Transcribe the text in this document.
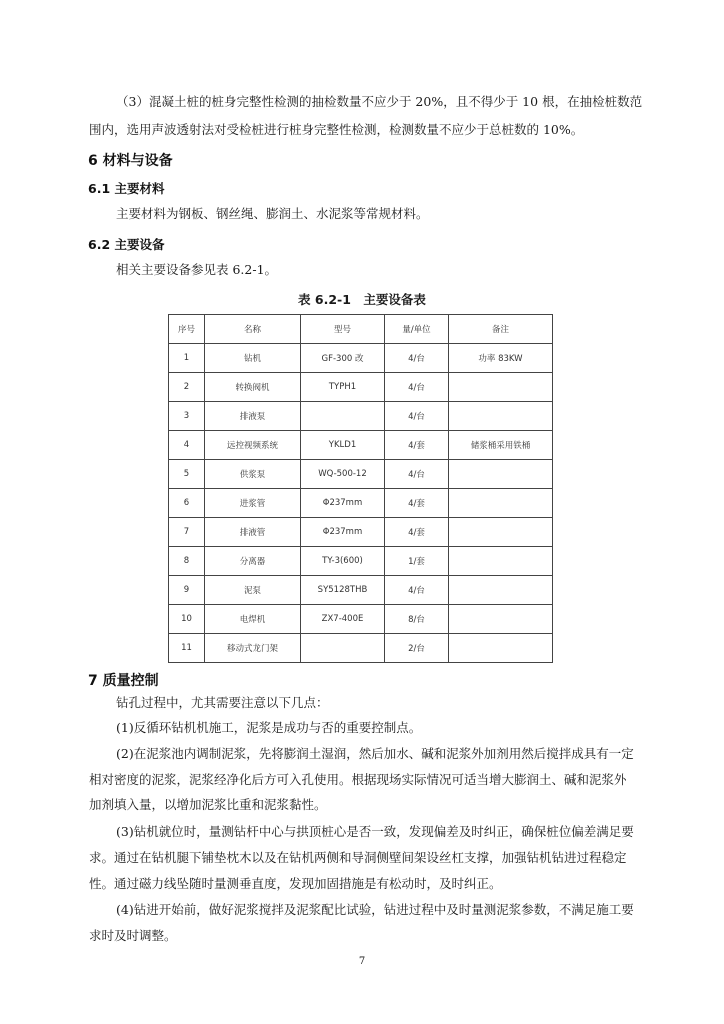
（3）混凝土桩的桩身完整性检测的抽检数量不应少于 20%，且不得少于 10 根，在抽检桩数范
围内，选用声波透射法对受检桩进行桩身完整性检测，检测数量不应少于总桩数的 10%。
6 材料与设备
6.1 主要材料
主要材料为钢板、钢丝绳、膨润土、水泥浆等常规材料。
6.2 主要设备
相关主要设备参见表 6.2-1。
表 6.2-1　主要设备表
序号	名称	型号	量/单位	备注
1	钻机	GF-300 改	4/台	功率 83KW
2	转换阀机	TYPH1	4/台	
3	排液泵		4/台	
4	远控视频系统	YKLD1	4/套	储浆桶采用铁桶
5	供浆泵	WQ-500-12	4/台	
6	进浆管	Φ237mm	4/套	
7	排液管	Φ237mm	4/套	
8	分离器	TY-3(600)	1/套	
9	泥泵	SY5128THB	4/台	
10	电焊机	ZX7-400E	8/台	
11	移动式龙门架		2/台	
7 质量控制
钻孔过程中，尤其需要注意以下几点：
(1)反循环钻机机施工，泥浆是成功与否的重要控制点。
(2)在泥浆池内调制泥浆，先将膨润土湿润，然后加水、碱和泥浆外加剂用然后搅拌成具有一定
相对密度的泥浆，泥浆经净化后方可入孔使用。根据现场实际情况可适当增大膨润土、碱和泥浆外
加剂填入量，以增加泥浆比重和泥浆黏性。
(3)钻机就位时，量测钻杆中心与拱顶桩心是否一致，发现偏差及时纠正，确保桩位偏差满足要
求。通过在钻机腿下铺垫枕木以及在钻机两侧和导洞侧壁间架设丝杠支撑，加强钻机钻进过程稳定
性。通过磁力线坠随时量测垂直度，发现加固措施是有松动时，及时纠正。
(4)钻进开始前，做好泥浆搅拌及泥浆配比试验，钻进过程中及时量测泥浆参数，不满足施工要
求时及时调整。
7
